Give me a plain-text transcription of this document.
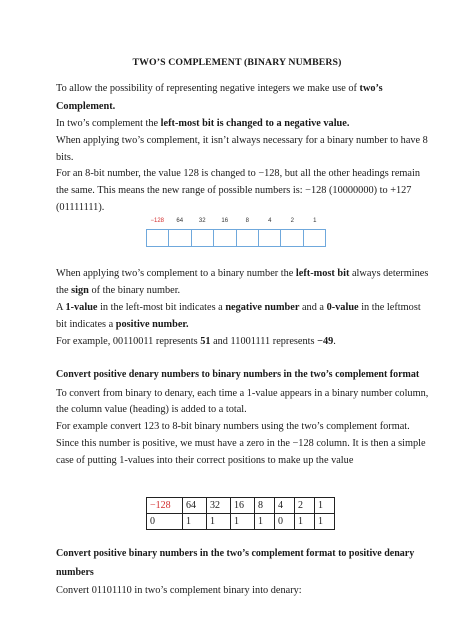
TWO’S COMPLEMENT (BINARY NUMBERS)
To allow the possibility of representing negative integers we make use of two’s
Complement.
In two’s complement the left-most bit is changed to a negative value.
When applying two’s complement, it isn’t always necessary for a binary number to have 8
bits.
For an 8-bit number, the value 128 is changed to −128, but all the other headings remain
the same. This means the new range of possible numbers is: −128 (10000000) to +127
(01111111).
−128	64	32	16	8	4	2	1
When applying two’s complement to a binary number the left-most bit always determines
the sign of the binary number.
A 1-value in the left-most bit indicates a negative number and a 0-value in the leftmost
bit indicates a positive number.
For example, 00110011 represents 51 and 11001111 represents −49.
Convert positive denary numbers to binary numbers in the two’s complement format
To convert from binary to denary, each time a 1-value appears in a binary number column,
the column value (heading) is added to a total.
For example convert 123 to 8-bit binary numbers using the two’s complement format.
Since this number is positive, we must have a zero in the −128 column. It is then a simple
case of putting 1-values into their correct positions to make up the value
−128	64	32	16	8	4	2	1
0	1	1	1	1	0	1	1
Convert positive binary numbers in the two’s complement format to positive denary
numbers
Convert 01101110 in two’s complement binary into denary:
